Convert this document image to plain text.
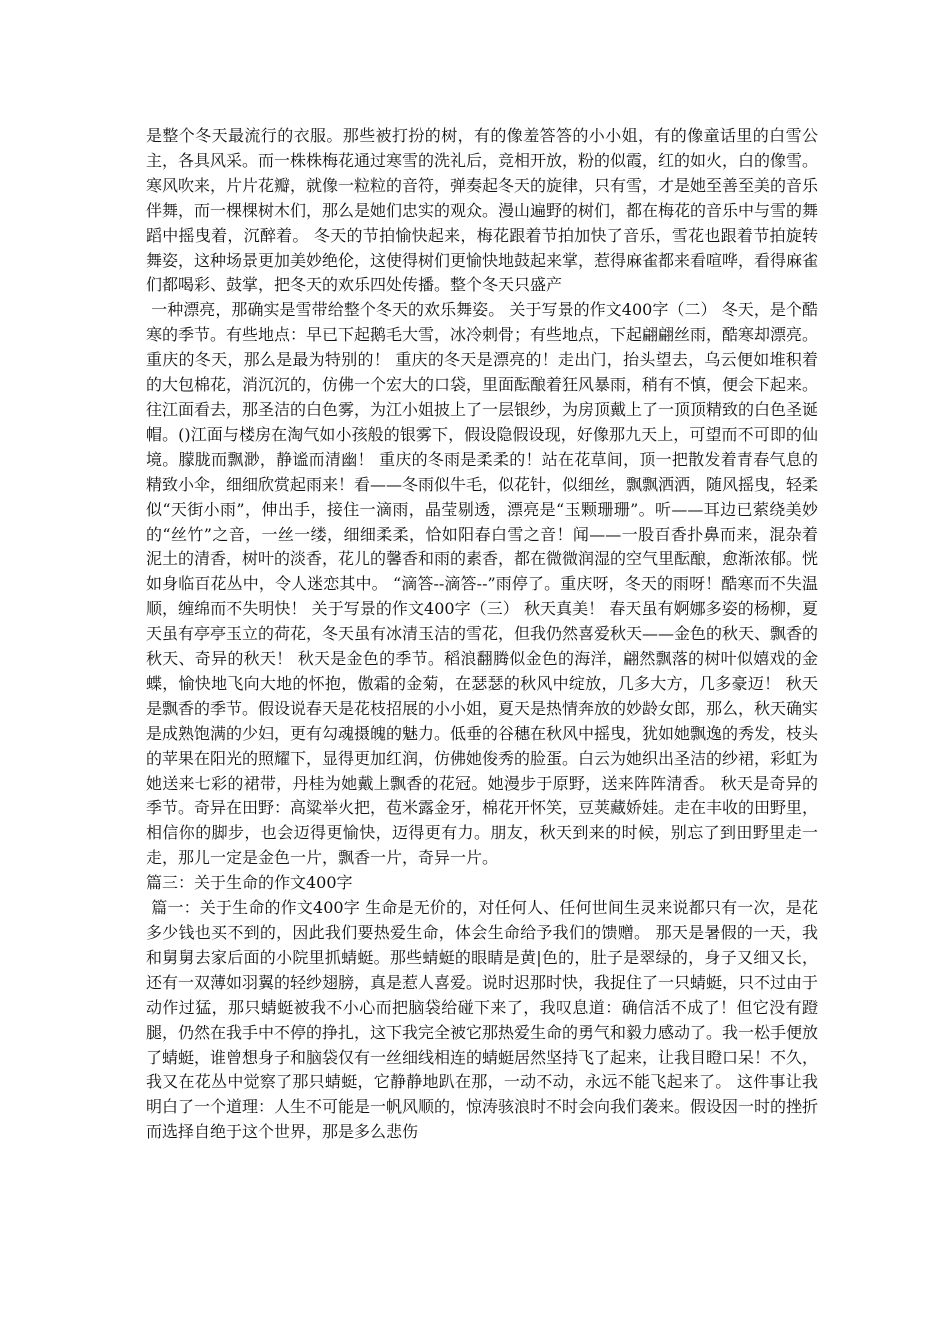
是整个冬天最流行的衣服。那些被打扮的树，有的像羞答答的小小姐，有的像童话里的白雪公主，各具风采。而一株株梅花通过寒雪的洗礼后，竞相开放，粉的似霞，红的如火，白的像雪。寒风吹来，片片花瓣，就像一粒粒的音符，弹奏起冬天的旋律，只有雪，才是她至善至美的音乐伴舞，而一棵棵树木们，那么是她们忠实的观众。漫山遍野的树们，都在梅花的音乐中与雪的舞蹈中摇曳着，沉醉着。 冬天的节拍愉快起来，梅花跟着节拍加快了音乐，雪花也跟着节拍旋转舞姿，这种场景更加美妙绝伦，这使得树们更愉快地鼓起来掌，惹得麻雀都来看喧哗，看得麻雀们都喝彩、鼓掌，把冬天的欢乐四处传播。整个冬天只盛产

一种漂亮，那确实是雪带给整个冬天的欢乐舞姿。 关于写景的作文400字（二） 冬天，是个酷寒的季节。有些地点：早已下起鹅毛大雪，冰冷刺骨；有些地点，下起翩翩丝雨，酷寒却漂亮。重庆的冬天，那么是最为特别的！ 重庆的冬天是漂亮的！走出门，抬头望去，乌云便如堆积着的大包棉花，消沉沉的，仿佛一个宏大的口袋，里面酝酿着狂风暴雨，稍有不慎，便会下起来。往江面看去，那圣洁的白色雾，为江小姐披上了一层银纱，为房顶戴上了一顶顶精致的白色圣诞帽。()江面与楼房在淘气如小孩般的银雾下，假设隐假设现，好像那九天上，可望而不可即的仙境。朦胧而飘渺，静谧而清幽！ 重庆的冬雨是柔柔的！站在花草间，顶一把散发着青春气息的精致小伞，细细欣赏起雨来！看——冬雨似牛毛，似花针，似细丝，飘飘洒洒，随风摇曳，轻柔似“天街小雨”，伸出手，接住一滴雨，晶莹剔透，漂亮是“玉颗珊珊”。听——耳边已萦绕美妙的“丝竹”之音，一丝一缕，细细柔柔，恰如阳春白雪之音！闻——一股百香扑鼻而来，混杂着泥土的清香，树叶的淡香，花儿的馨香和雨的素香，都在微微润湿的空气里酝酿，愈渐浓郁。恍如身临百花丛中，令人迷恋其中。 “滴答--滴答--”雨停了。重庆呀，冬天的雨呀！酷寒而不失温顺，缠绵而不失明快！ 关于写景的作文400字（三） 秋天真美！ 春天虽有婀娜多姿的杨柳，夏天虽有亭亭玉立的荷花，冬天虽有冰清玉洁的雪花，但我仍然喜爱秋天——金色的秋天、飘香的秋天、奇异的秋天！ 秋天是金色的季节。稻浪翻腾似金色的海洋，翩然飘落的树叶似嬉戏的金蝶，愉快地飞向大地的怀抱，傲霜的金菊，在瑟瑟的秋风中绽放，几多大方，几多豪迈！ 秋天是飘香的季节。假设说春天是花枝招展的小小姐，夏天是热情奔放的妙龄女郎，那么，秋天确实是成熟饱满的少妇，更有勾魂摄魄的魅力。低垂的谷穗在秋风中摇曳，犹如她飘逸的秀发，枝头的苹果在阳光的照耀下，显得更加红润，仿佛她俊秀的脸蛋。白云为她织出圣洁的纱裙，彩虹为她送来七彩的裙带，丹桂为她戴上飘香的花冠。她漫步于原野，送来阵阵清香。 秋天是奇异的季节。奇异在田野：高粱举火把，苞米露金牙，棉花开怀笑，豆荚藏娇娃。走在丰收的田野里，相信你的脚步，也会迈得更愉快，迈得更有力。朋友，秋天到来的时候，别忘了到田野里走一走，那儿一定是金色一片，飘香一片，奇异一片。

篇三：关于生命的作文400字

篇一：关于生命的作文400字 生命是无价的，对任何人、任何世间生灵来说都只有一次，是花多少钱也买不到的，因此我们要热爱生命，体会生命给予我们的馈赠。 那天是暑假的一天，我和舅舅去家后面的小院里抓蜻蜓。那些蜻蜓的眼睛是黄|色的，肚子是翠绿的，身子又细又长，还有一双薄如羽翼的轻纱翅膀，真是惹人喜爱。说时迟那时快，我捉住了一只蜻蜓，只不过由于动作过猛，那只蜻蜓被我不小心而把脑袋给碰下来了，我叹息道：确信活不成了！但它没有蹬腿，仍然在我手中不停的挣扎，这下我完全被它那热爱生命的勇气和毅力感动了。我一松手便放了蜻蜓，谁曾想身子和脑袋仅有一丝细线相连的蜻蜓居然坚持飞了起来，让我目瞪口呆！不久，我又在花丛中觉察了那只蜻蜓，它静静地趴在那，一动不动，永远不能飞起来了。 这件事让我明白了一个道理：人生不可能是一帆风顺的，惊涛骇浪时不时会向我们袭来。假设因一时的挫折而选择自绝于这个世界，那是多么悲伤
